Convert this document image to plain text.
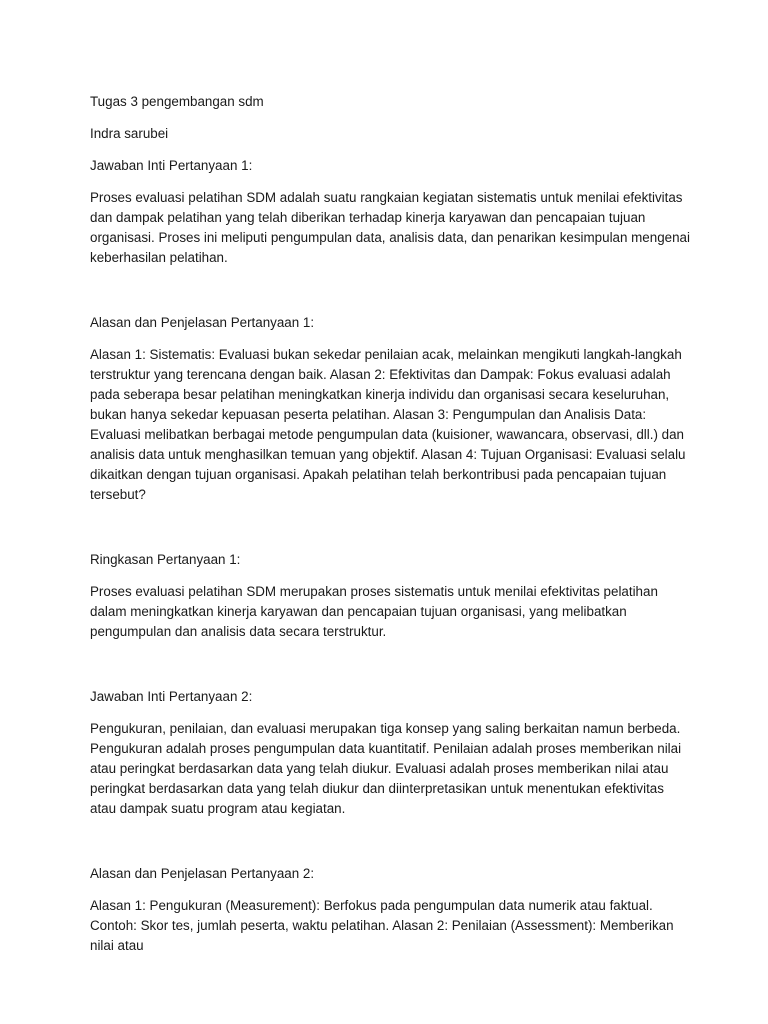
Tugas 3 pengembangan sdm

Indra sarubei

Jawaban Inti Pertanyaan 1:

Proses evaluasi pelatihan SDM adalah suatu rangkaian kegiatan sistematis untuk menilai efektivitas dan dampak pelatihan yang telah diberikan terhadap kinerja karyawan dan pencapaian tujuan organisasi. Proses ini meliputi pengumpulan data, analisis data, dan penarikan kesimpulan mengenai keberhasilan pelatihan.

Alasan dan Penjelasan Pertanyaan 1:

Alasan 1: Sistematis: Evaluasi bukan sekedar penilaian acak, melainkan mengikuti langkah-langkah terstruktur yang terencana dengan baik. Alasan 2: Efektivitas dan Dampak: Fokus evaluasi adalah pada seberapa besar pelatihan meningkatkan kinerja individu dan organisasi secara keseluruhan, bukan hanya sekedar kepuasan peserta pelatihan. Alasan 3: Pengumpulan dan Analisis Data: Evaluasi melibatkan berbagai metode pengumpulan data (kuisioner, wawancara, observasi, dll.) dan analisis data untuk menghasilkan temuan yang objektif. Alasan 4: Tujuan Organisasi: Evaluasi selalu dikaitkan dengan tujuan organisasi. Apakah pelatihan telah berkontribusi pada pencapaian tujuan tersebut?

Ringkasan Pertanyaan 1:

Proses evaluasi pelatihan SDM merupakan proses sistematis untuk menilai efektivitas pelatihan dalam meningkatkan kinerja karyawan dan pencapaian tujuan organisasi, yang melibatkan pengumpulan dan analisis data secara terstruktur.

Jawaban Inti Pertanyaan 2:

Pengukuran, penilaian, dan evaluasi merupakan tiga konsep yang saling berkaitan namun berbeda. Pengukuran adalah proses pengumpulan data kuantitatif. Penilaian adalah proses memberikan nilai atau peringkat berdasarkan data yang telah diukur. Evaluasi adalah proses memberikan nilai atau peringkat berdasarkan data yang telah diukur dan diinterpretasikan untuk menentukan efektivitas atau dampak suatu program atau kegiatan.

Alasan dan Penjelasan Pertanyaan 2:

Alasan 1: Pengukuran (Measurement): Berfokus pada pengumpulan data numerik atau faktual. Contoh: Skor tes, jumlah peserta, waktu pelatihan. Alasan 2: Penilaian (Assessment): Memberikan nilai atau
